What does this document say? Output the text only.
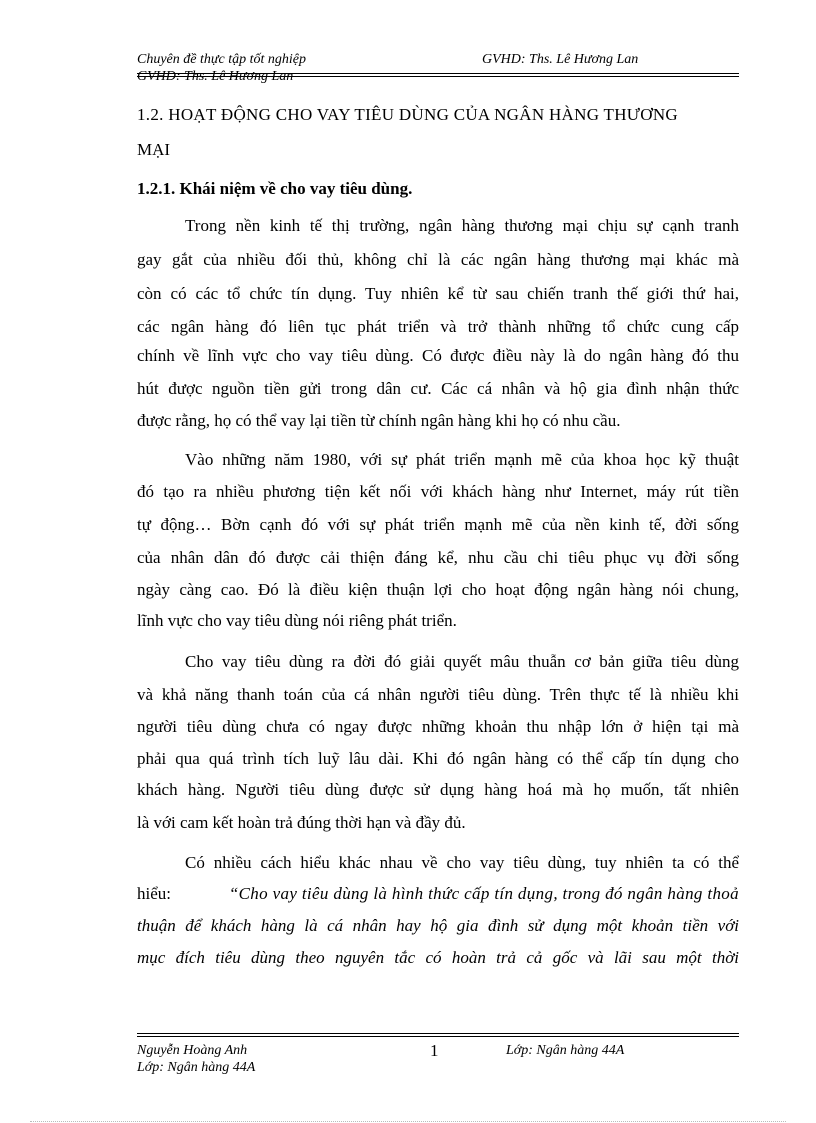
Chuyên đề thực tập tốt nghiệp	GVHD: Ths. Lê Hương Lan
GVHD: Ths. Lê Hương Lan
1.2. HOẠT ĐỘNG CHO VAY TIÊU DÙNG CỦA NGÂN HÀNG THƯƠNG
MẠI
1.2.1. Khái niệm về cho vay tiêu dùng.
Trong nền kinh tế thị trường, ngân hàng thương mại chịu sự cạnh tranh
gay gắt của nhiều đối thủ, không chỉ là các ngân hàng thương mại khác mà
còn có các tổ chức tín dụng. Tuy nhiên kể từ sau chiến tranh thế giới thứ hai,
các ngân hàng đó liên tục phát triển và trở thành những tổ chức cung cấp
chính về lĩnh vực cho vay tiêu dùng. Có được điều này là do ngân hàng đó thu
hút được nguồn tiền gửi trong dân cư. Các cá nhân và hộ gia đình nhận thức
được rằng, họ có thể vay lại tiền từ chính ngân hàng khi họ có nhu cầu.
Vào những năm 1980, với sự phát triển mạnh mẽ của khoa học kỹ thuật
đó tạo ra nhiều phương tiện kết nối với khách hàng như Internet, máy rút tiền
tự động… Bờn cạnh đó với sự phát triển mạnh mẽ của nền kinh tế, đời sống
của nhân dân đó được cải thiện đáng kể, nhu cầu chi tiêu phục vụ đời sống
ngày càng cao. Đó là điều kiện thuận lợi cho hoạt động ngân hàng nói chung,
lĩnh vực cho vay tiêu dùng nói riêng phát triển.
Cho vay tiêu dùng ra đời đó giải quyết mâu thuẫn cơ bản giữa tiêu dùng
và khả năng thanh toán của cá nhân người tiêu dùng. Trên thực tế là nhiều khi
người tiêu dùng chưa có ngay được những khoản thu nhập lớn ở hiện tại mà
phải qua quá trình tích luỹ lâu dài. Khi đó ngân hàng có thể cấp tín dụng cho
khách hàng. Người tiêu dùng được sử dụng hàng hoá mà họ muốn, tất nhiên
là với cam kết hoàn trả đúng thời hạn và đầy đủ.
Có nhiều cách hiểu khác nhau về cho vay tiêu dùng, tuy nhiên ta có thể
hiểu:	“Cho vay tiêu dùng là hình thức cấp tín dụng, trong đó ngân hàng thoả
thuận để khách hàng là cá nhân hay hộ gia đình sử dụng một khoản tiền với
mục đích tiêu dùng theo nguyên tắc có hoàn trả cả gốc và lãi sau một thời
Nguyễn Hoàng Anh	1	Lớp: Ngân hàng 44A
Lớp: Ngân hàng 44A
